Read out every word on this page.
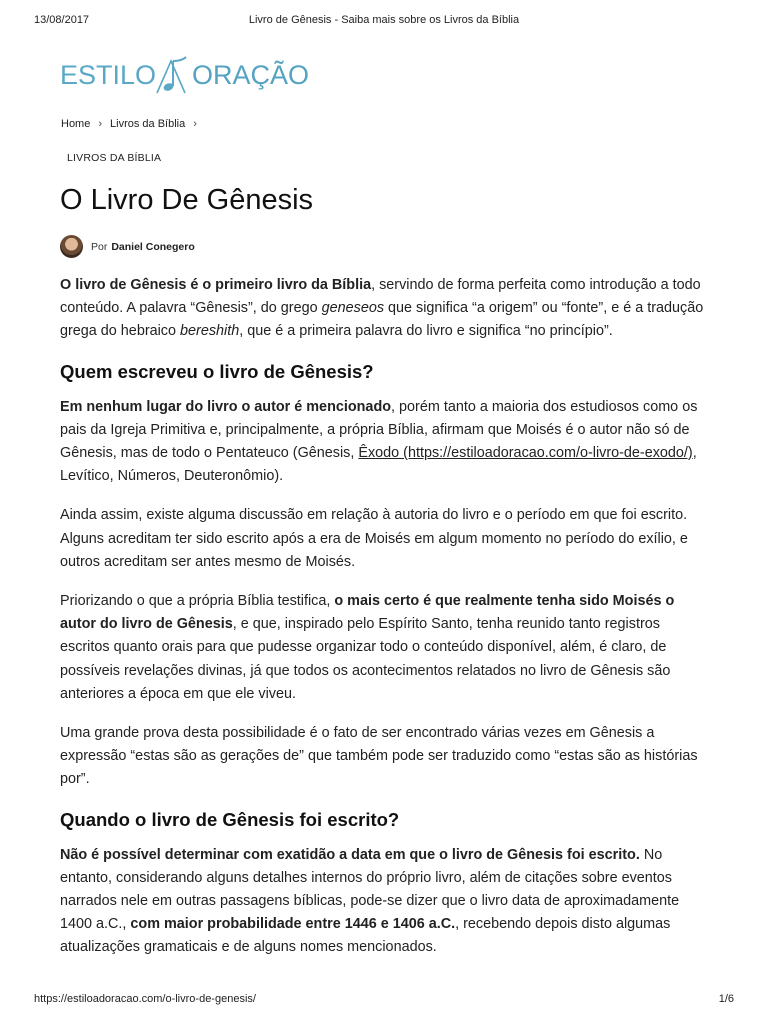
13/08/2017	Livro de Gênesis - Saiba mais sobre os Livros da Bíblia
ESTILO ORAÇÃO
Home › Livros da Bíblia ›
LIVROS DA BÍBLIA
O Livro De Gênesis
Por Daniel Conegero

O livro de Gênesis é o primeiro livro da Bíblia, servindo de forma perfeita como introdução a todo conteúdo. A palavra “Gênesis”, do grego geneseos que significa “a origem” ou “fonte”, e é a tradução grega do hebraico bereshith, que é a primeira palavra do livro e significa “no princípio”.

Quem escreveu o livro de Gênesis?

Em nenhum lugar do livro o autor é mencionado, porém tanto a maioria dos estudiosos como os pais da Igreja Primitiva e, principalmente, a própria Bíblia, afirmam que Moisés é o autor não só de Gênesis, mas de todo o Pentateuco (Gênesis, Êxodo (https://estiloadoracao.com/o-livro-de-exodo/), Levítico, Números, Deuteronômio).

Ainda assim, existe alguma discussão em relação à autoria do livro e o período em que foi escrito. Alguns acreditam ter sido escrito após a era de Moisés em algum momento no período do exílio, e outros acreditam ser antes mesmo de Moisés.

Priorizando o que a própria Bíblia testifica, o mais certo é que realmente tenha sido Moisés o autor do livro de Gênesis, e que, inspirado pelo Espírito Santo, tenha reunido tanto registros escritos quanto orais para que pudesse organizar todo o conteúdo disponível, além, é claro, de possíveis revelações divinas, já que todos os acontecimentos relatados no livro de Gênesis são anteriores a época em que ele viveu.

Uma grande prova desta possibilidade é o fato de ser encontrado várias vezes em Gênesis a expressão “estas são as gerações de” que também pode ser traduzido como “estas são as histórias por”.

Quando o livro de Gênesis foi escrito?

Não é possível determinar com exatidão a data em que o livro de Gênesis foi escrito. No entanto, considerando alguns detalhes internos do próprio livro, além de citações sobre eventos narrados nele em outras passagens bíblicas, pode-se dizer que o livro data de aproximadamente 1400 a.C., com maior probabilidade entre 1446 e 1406 a.C., recebendo depois disto algumas atualizações gramaticais e de alguns nomes mencionados.

https://estiloadoracao.com/o-livro-de-genesis/	1/6
